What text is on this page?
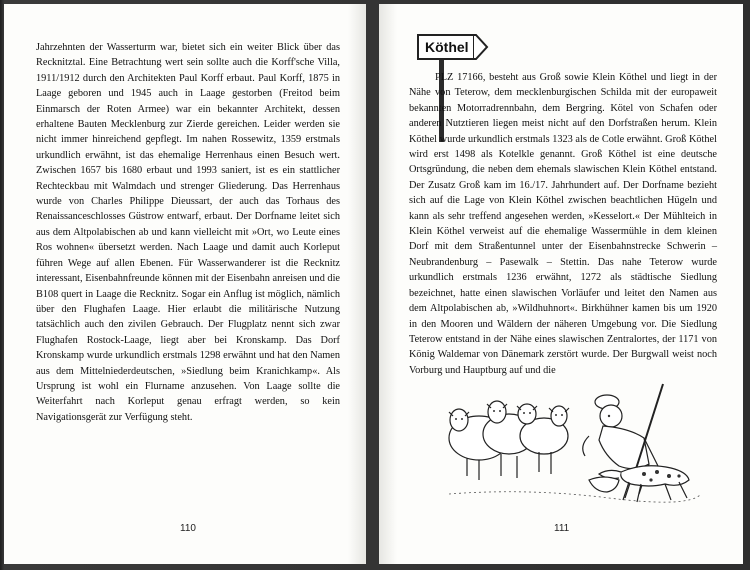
Jahrzehnten der Wasserturm war, bietet sich ein weiter Blick über das Recknitztal. Eine Betrachtung wert sein sollte auch die Korff'sche Villa, 1911/1912 durch den Architekten Paul Korff erbaut. Paul Korff, 1875 in Laage geboren und 1945 auch in Laage gestorben (Freitod beim Einmarsch der Roten Armee) war ein bekannter Architekt, dessen erhaltene Bauten Mecklenburg zur Zierde gereichen. Leider werden sie nicht immer hinreichend gepflegt. Im nahen Rossewitz, 1359 erstmals urkundlich erwähnt, ist das ehemalige Herrenhaus einen Besuch wert. Zwischen 1657 bis 1680 erbaut und 1993 saniert, ist es ein stattlicher Rechteckbau mit Walmdach und strenger Gliederung. Das Herrenhaus wurde von Charles Philippe Dieussart, der auch das Torhaus des Renaissanceschlosses Güstrow entwarf, erbaut. Der Dorfname leitet sich aus dem Altpolabischen ab und kann vielleicht mit »Ort, wo Leute eines Ros wohnen« übersetzt werden. Nach Laage und damit auch Korleput führen Wege auf allen Ebenen. Für Wasserwanderer ist die Recknitz interessant, Eisenbahnfreunde können mit der Eisenbahn anreisen und die B108 quert in Laage die Recknitz. Sogar ein Anflug ist möglich, nämlich über den Flughafen Laage. Hier erlaubt die militärische Nutzung tatsächlich auch den zivilen Gebrauch. Der Flugplatz nennt sich zwar Flughafen Rostock-Laage, liegt aber bei Kronskamp. Das Dorf Kronskamp wurde urkundlich erstmals 1298 erwähnt und hat den Namen aus dem Mittelniederdeutschen, »Siedlung beim Kranichkamp«. Als Ursprung ist wohl ein Flurname anzusehen. Von Laage sollte die Weiterfahrt nach Korleput genau erfragt werden, so kein Navigationsgerät zur Verfügung steht.

110
Köthel

PLZ 17166, besteht aus Groß sowie Klein Köthel und liegt in der Nähe von Teterow, dem mecklenburgischen Schilda mit der europaweit bekannten Motorradrennbahn, dem Bergring. Kötel von Schafen oder anderen Nutztieren liegen meist nicht auf den Dorfstraßen herum. Klein Köthel wurde urkundlich erstmals 1323 als de Cotle erwähnt. Groß Köthel wird erst 1498 als Kotelkle genannt. Groß Köthel ist eine deutsche Ortsgründung, die neben dem ehemals slawischen Klein Köthel entstand. Der Zusatz Groß kam im 16./17. Jahrhundert auf. Der Dorfname bezieht sich auf die Lage von Klein Köthel zwischen beachtlichen Hügeln und kann als sehr treffend angesehen werden, »Kesselort.« Der Mühlteich in Klein Köthel verweist auf die ehemalige Wassermühle in dem kleinen Dorf mit dem Straßentunnel unter der Eisenbahnstrecke Schwerin – Neubrandenburg – Pasewalk – Stettin. Das nahe Teterow wurde urkundlich erstmals 1236 erwähnt, 1272 als städtische Siedlung bezeichnet, hatte einen slawischen Vorläufer und leitet den Namen aus dem Altpolabischen ab, »Wildhuhnort«. Birkhühner kamen bis um 1920 in den Mooren und Wäldern der näheren Umgebung vor. Die Siedlung Teterow entstand in der Nähe eines slawischen Zentralortes, der 1171 von König Waldemar von Dänemark zerstört wurde. Der Burgwall weist noch Vorburg und Hauptburg auf und die

111
